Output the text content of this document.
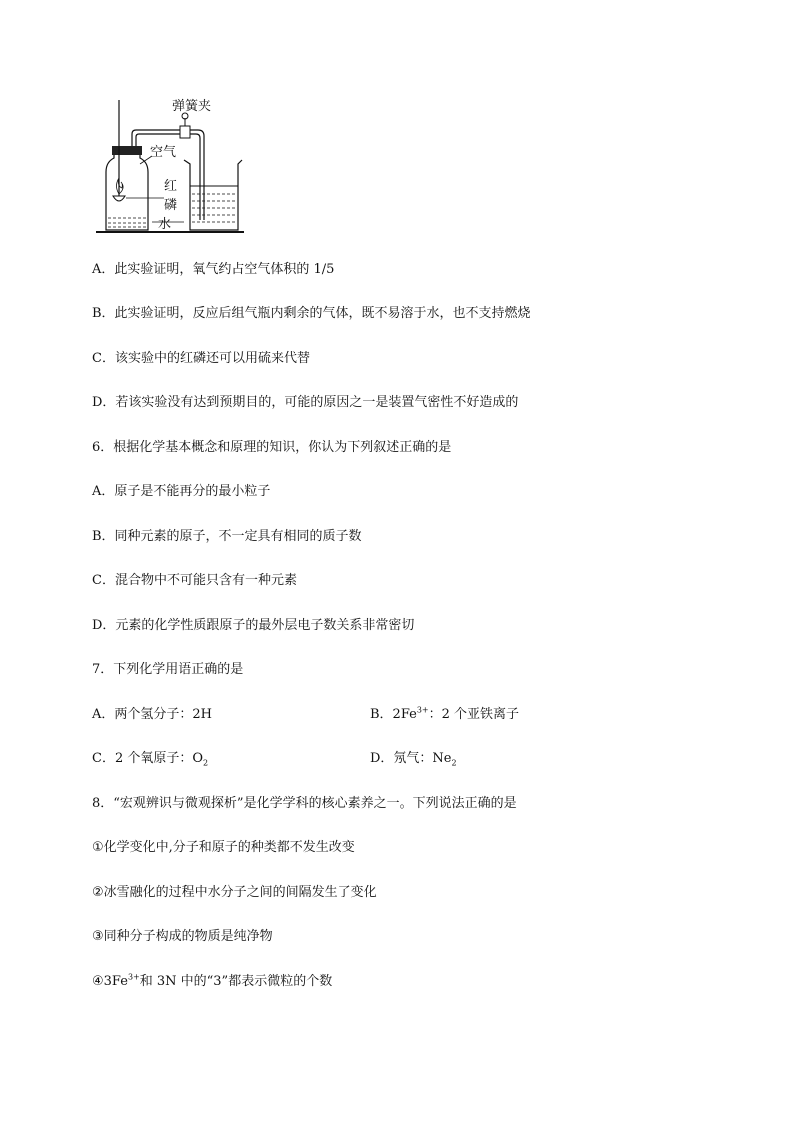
弹簧夹
空气
红
磷
水
A．此实验证明，氧气约占空气体积的 1/5
B．此实验证明，反应后组气瓶内剩余的气体，既不易溶于水，也不支持燃烧
C．该实验中的红磷还可以用硫来代替
D．若该实验没有达到预期目的，可能的原因之一是装置气密性不好造成的
6．根据化学基本概念和原理的知识，你认为下列叙述正确的是
A．原子是不能再分的最小粒子
B．同种元素的原子，不一定具有相同的质子数
C．混合物中不可能只含有一种元素
D．元素的化学性质跟原子的最外层电子数关系非常密切
7．下列化学用语正确的是
A．两个氢分子：2H	B．$2Fe^{3+}$：2 个亚铁离子
C．2 个氧原子：$O_2$	D．氖气：$Ne_2$
8．“宏观辨识与微观探析”是化学学科的核心素养之一。下列说法正确的是
①化学变化中,分子和原子的种类都不发生改变
②冰雪融化的过程中水分子之间的间隔发生了变化
③同种分子构成的物质是纯净物
$④3Fe^{3+}$和 3N 中的“3”都表示微粒的个数
